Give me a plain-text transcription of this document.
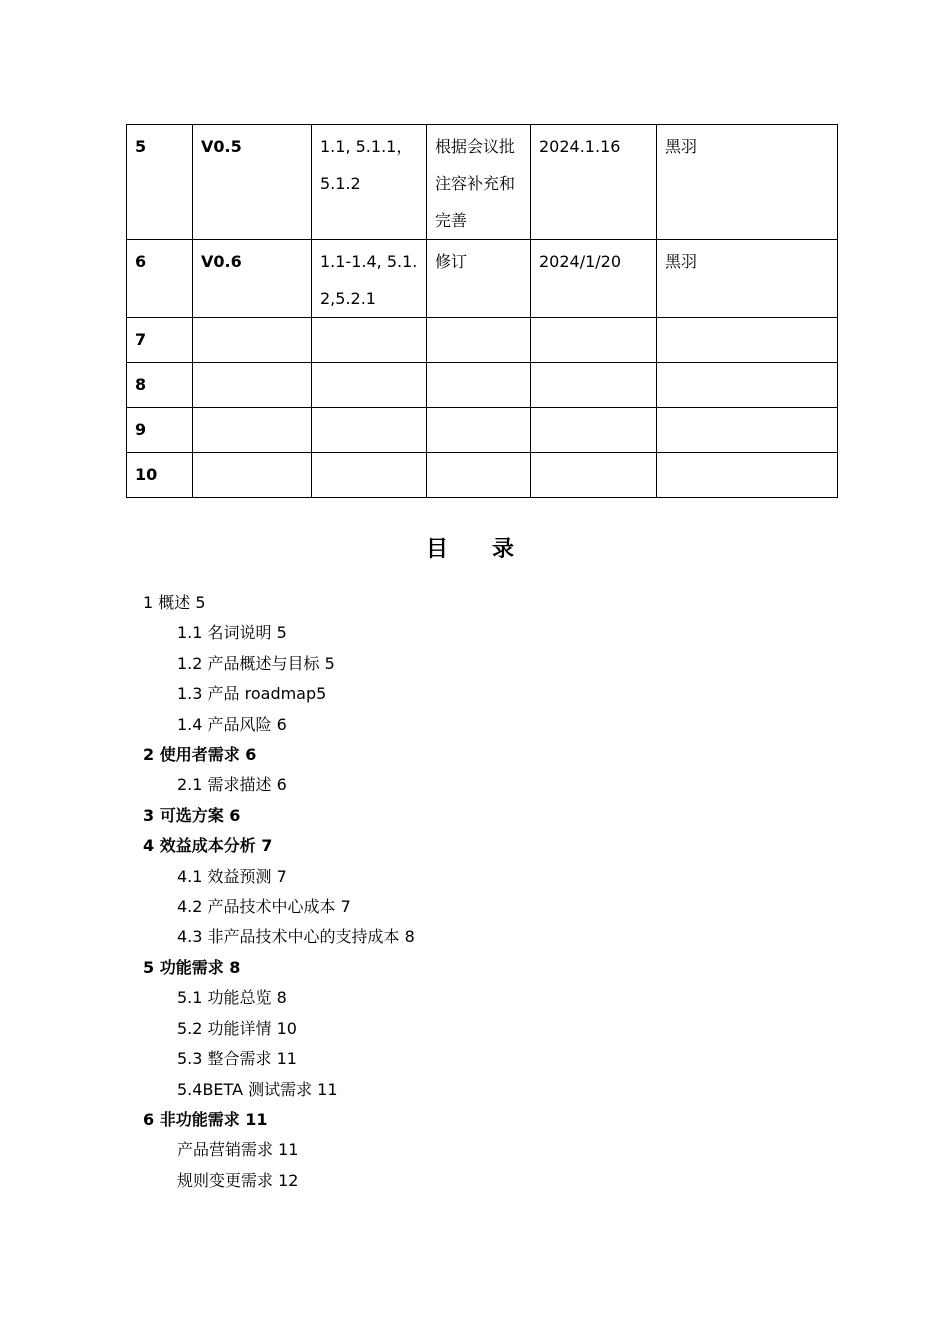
5	V0.5	1.1, 5.1.1，5.1.2	根据会议批注容补充和完善	2024.1.16	黑羽
6	V0.6	1.1-1.4, 5.1.2,5.2.1	修订	2024/1/20	黑羽
7					
8					
9					
10					
目录
1 概述 5
1.1 名词说明 5
1.2 产品概述与目标 5
1.3 产品 roadmap5
1.4 产品风险 6
2 使用者需求 6
2.1 需求描述 6
3 可选方案 6
4 效益成本分析 7
4.1 效益预测 7
4.2 产品技术中心成本 7
4.3 非产品技术中心的支持成本 8
5 功能需求 8
5.1 功能总览 8
5.2 功能详情 10
5.3 整合需求 11
5.4BETA 测试需求 11
6 非功能需求 11
产品营销需求 11
规则变更需求 12
